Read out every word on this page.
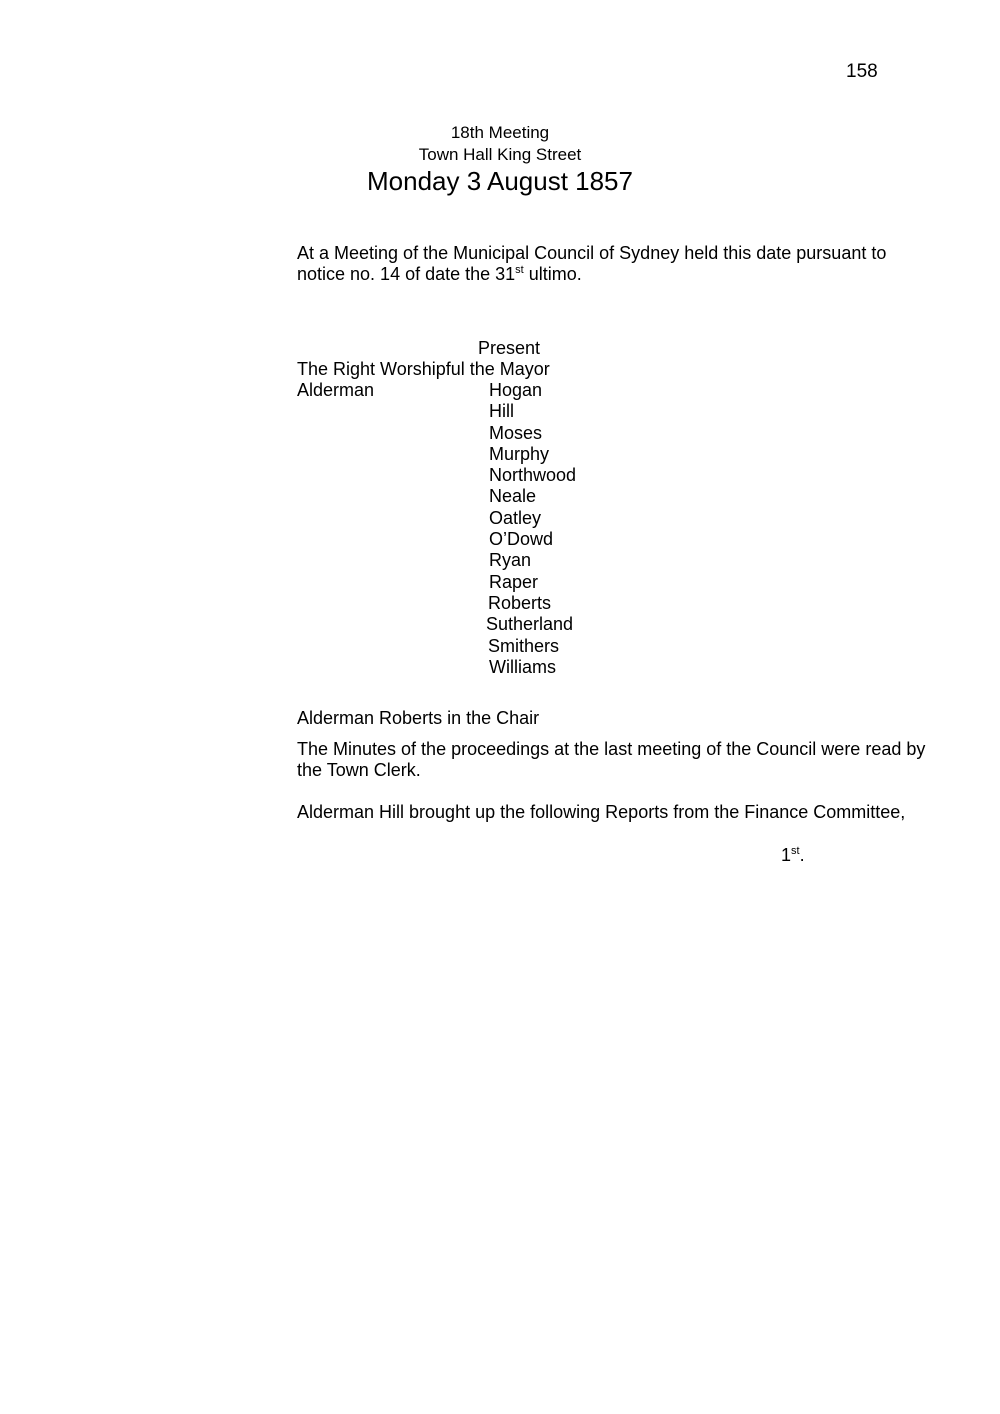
158
18th Meeting
Town Hall King Street
Monday 3 August 1857
At a Meeting of the Municipal Council of Sydney held this date pursuant to notice no. 14 of date the 31st ultimo.
Present
The Right Worshipful the Mayor
Alderman	Hogan
Hill
Moses
Murphy
Northwood
Neale
Oatley
O’Dowd
Ryan
Raper
Roberts
Sutherland
Smithers
Williams
Alderman Roberts in the Chair
The Minutes of the proceedings at the last meeting of the Council were read by the Town Clerk.
Alderman Hill brought up the following Reports from the Finance Committee,
1st.
